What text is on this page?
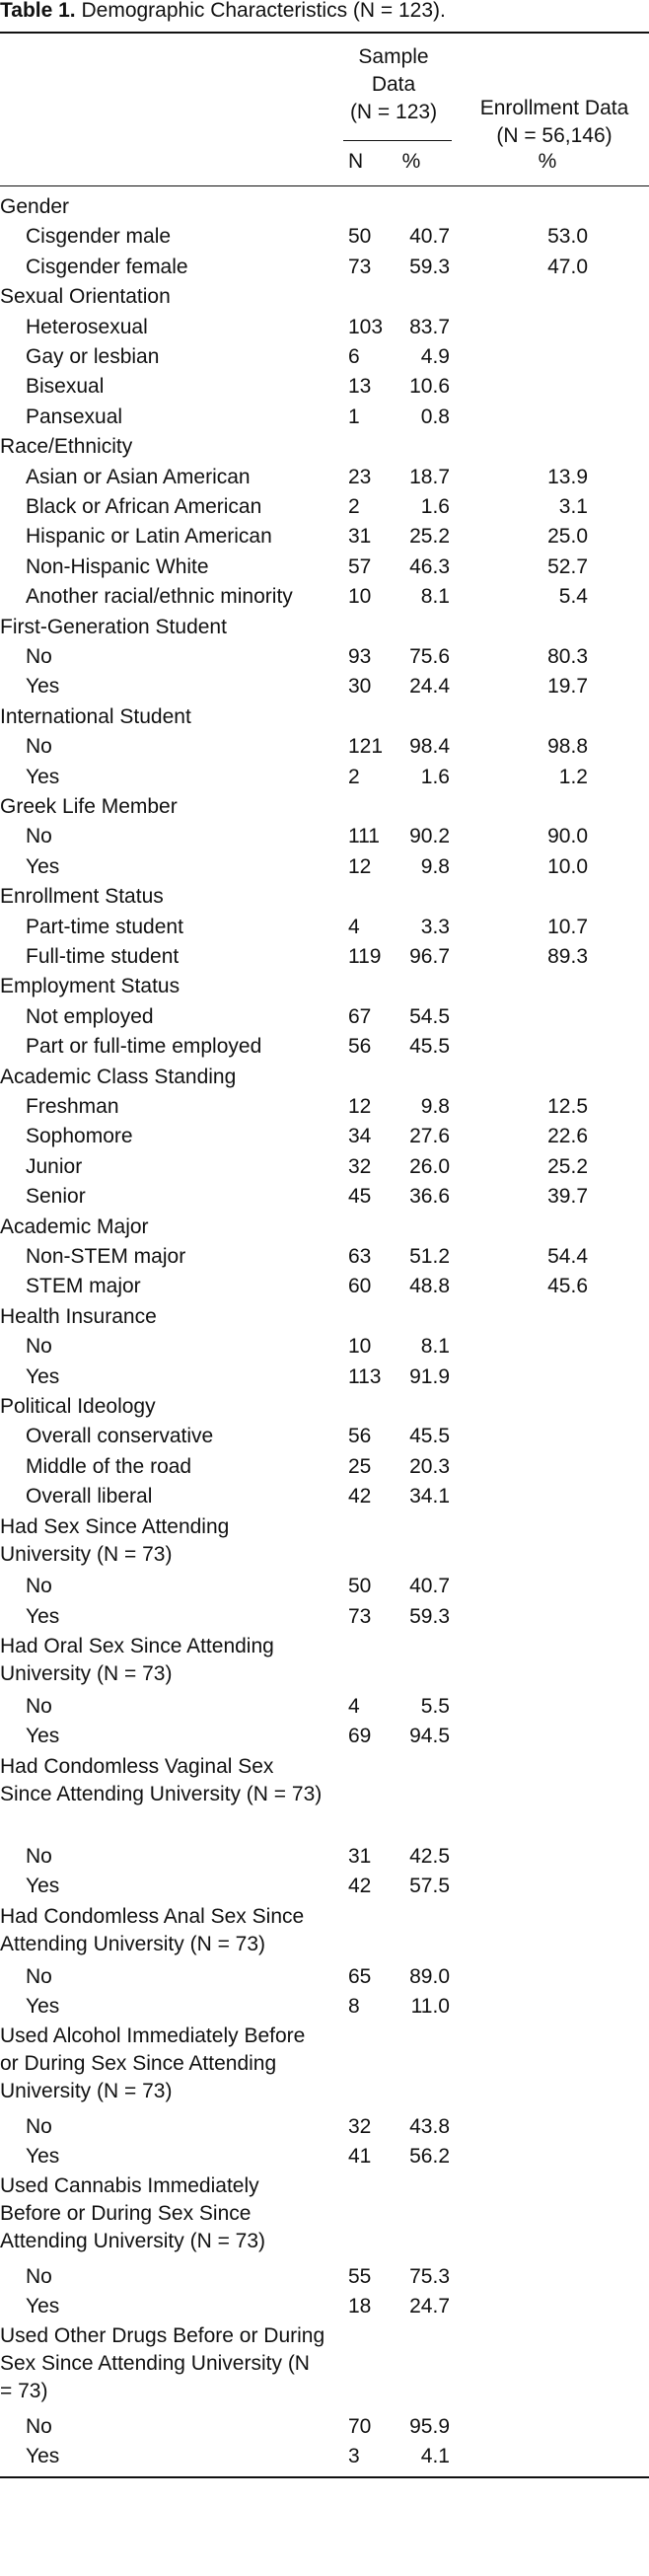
Table 1. Demographic Characteristics (N = 123).
Sample
Data
(N = 123)	Enrollment Data
(N = 56,146)
N	%	%
Gender
Cisgender male	50	40.7	53.0
Cisgender female	73	59.3	47.0
Sexual Orientation
Heterosexual	103	83.7
Gay or lesbian	6	4.9
Bisexual	13	10.6
Pansexual	1	0.8
Race/Ethnicity
Asian or Asian American	23	18.7	13.9
Black or African American	2	1.6	3.1
Hispanic or Latin American	31	25.2	25.0
Non-Hispanic White	57	46.3	52.7
Another racial/ethnic minority	10	8.1	5.4
First-Generation Student
No	93	75.6	80.3
Yes	30	24.4	19.7
International Student
No	121	98.4	98.8
Yes	2	1.6	1.2
Greek Life Member
No	111	90.2	90.0
Yes	12	9.8	10.0
Enrollment Status
Part-time student	4	3.3	10.7
Full-time student	119	96.7	89.3
Employment Status
Not employed	67	54.5
Part or full-time employed	56	45.5
Academic Class Standing
Freshman	12	9.8	12.5
Sophomore	34	27.6	22.6
Junior	32	26.0	25.2
Senior	45	36.6	39.7
Academic Major
Non-STEM major	63	51.2	54.4
STEM major	60	48.8	45.6
Health Insurance
No	10	8.1
Yes	113	91.9
Political Ideology
Overall conservative	56	45.5
Middle of the road	25	20.3
Overall liberal	42	34.1
Had Sex Since Attending University (N = 73)
No	50	40.7
Yes	73	59.3
Had Oral Sex Since Attending University (N = 73)
No	4	5.5
Yes	69	94.5
Had Condomless Vaginal Sex Since Attending University (N = 73)
No	31	42.5
Yes	42	57.5
Had Condomless Anal Sex Since Attending University (N = 73)
No	65	89.0
Yes	8	11.0
Used Alcohol Immediately Before or During Sex Since Attending University (N = 73)
No	32	43.8
Yes	41	56.2
Used Cannabis Immediately Before or During Sex Since Attending University (N = 73)
No	55	75.3
Yes	18	24.7
Used Other Drugs Before or During Sex Since Attending University (N = 73)
No	70	95.9
Yes	3	4.1
